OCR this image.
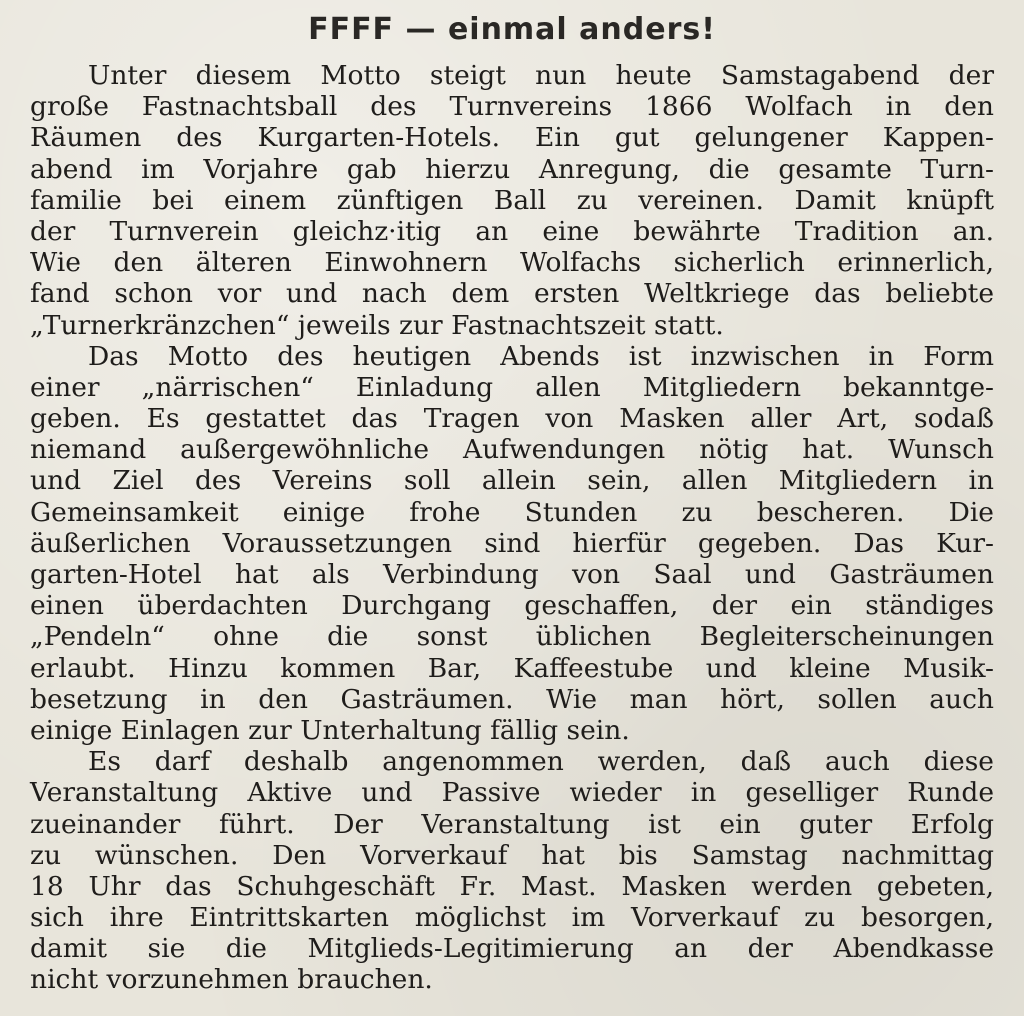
FFFF — einmal anders!
Unter diesem Motto steigt nun heute Samstagabend der
große Fastnachtsball des Turnvereins 1866 Wolfach in den
Räumen des Kurgarten-Hotels. Ein gut gelungener Kappen-
abend im Vorjahre gab hierzu Anregung, die gesamte Turn-
familie bei einem zünftigen Ball zu vereinen. Damit knüpft
der Turnverein gleichz·itig an eine bewährte Tradition an.
Wie den älteren Einwohnern Wolfachs sicherlich erinnerlich,
fand schon vor und nach dem ersten Weltkriege das beliebte
„Turnerkränzchen“ jeweils zur Fastnachtszeit statt.
Das Motto des heutigen Abends ist inzwischen in Form
einer „närrischen“ Einladung allen Mitgliedern bekanntge-
geben. Es gestattet das Tragen von Masken aller Art, sodaß
niemand außergewöhnliche Aufwendungen nötig hat. Wunsch
und Ziel des Vereins soll allein sein, allen Mitgliedern in
Gemeinsamkeit einige frohe Stunden zu bescheren. Die
äußerlichen Voraussetzungen sind hierfür gegeben. Das Kur-
garten-Hotel hat als Verbindung von Saal und Gasträumen
einen überdachten Durchgang geschaffen, der ein ständiges
„Pendeln“ ohne die sonst üblichen Begleiterscheinungen
erlaubt. Hinzu kommen Bar, Kaffeestube und kleine Musik-
besetzung in den Gasträumen. Wie man hört, sollen auch
einige Einlagen zur Unterhaltung fällig sein.
Es darf deshalb angenommen werden, daß auch diese
Veranstaltung Aktive und Passive wieder in geselliger Runde
zueinander führt. Der Veranstaltung ist ein guter Erfolg
zu wünschen. Den Vorverkauf hat bis Samstag nachmittag
18 Uhr das Schuhgeschäft Fr. Mast. Masken werden gebeten,
sich ihre Eintrittskarten möglichst im Vorverkauf zu besorgen,
damit sie die Mitglieds-Legitimierung an der Abendkasse
nicht vorzunehmen brauchen.
